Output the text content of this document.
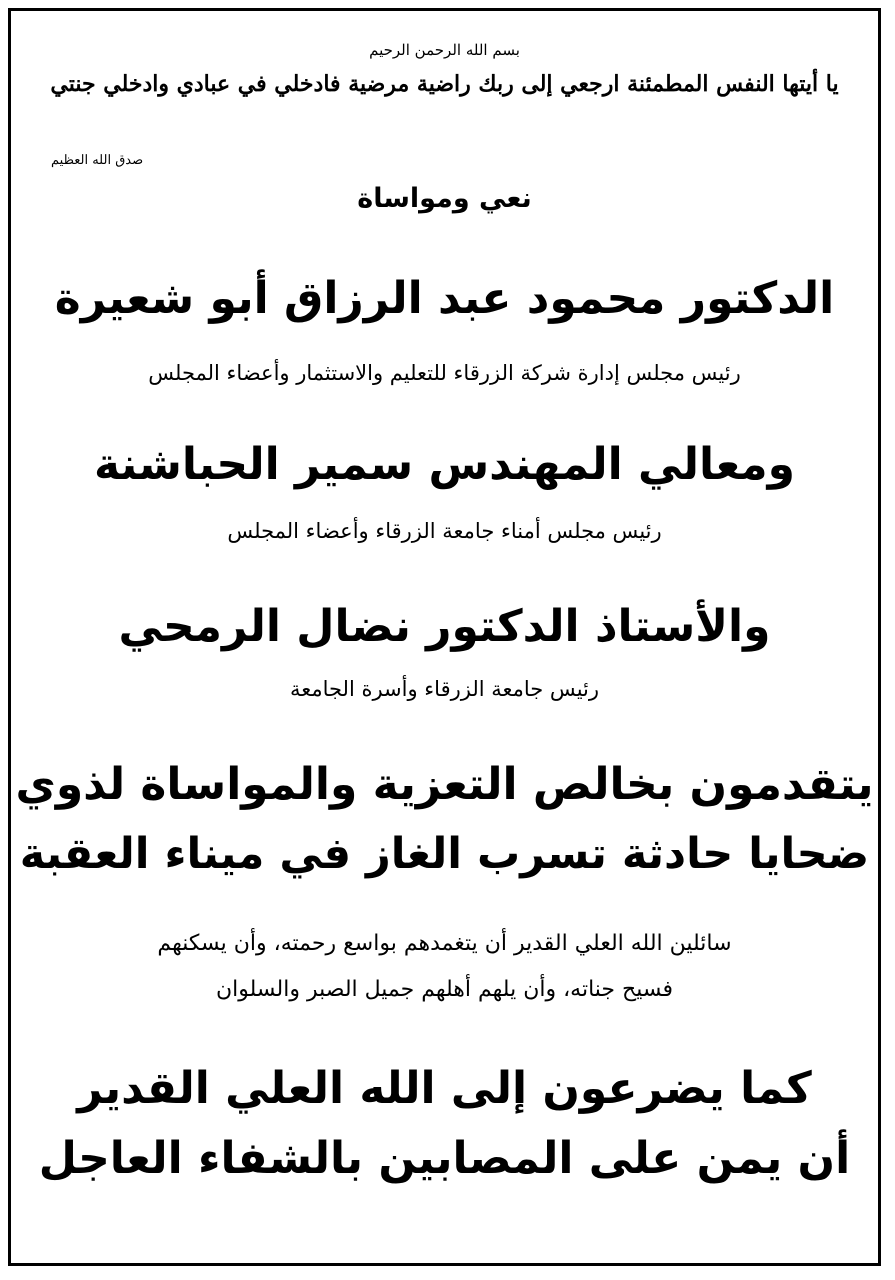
بسم الله الرحمن الرحيم
يا أيتها النفس المطمئنة ارجعي إلى ربك راضية مرضية فادخلي في عبادي وادخلي جنتي
صدق الله العظيم
نعي ومواساة
الدكتور محمود عبد الرزاق أبو شعيرة
رئيس مجلس إدارة شركة الزرقاء للتعليم والاستثمار وأعضاء المجلس
ومعالي المهندس سمير الحباشنة
رئيس مجلس أمناء جامعة الزرقاء وأعضاء المجلس
والأستاذ الدكتور نضال الرمحي
رئيس جامعة الزرقاء وأسرة الجامعة
يتقدمون بخالص التعزية والمواساة لذوي
ضحايا حادثة تسرب الغاز في ميناء العقبة
سائلين الله العلي القدير أن يتغمدهم بواسع رحمته، وأن يسكنهم
فسيح جناته، وأن يلهم أهلهم جميل الصبر والسلوان
كما يضرعون إلى الله العلي القدير
أن يمن على المصابين بالشفاء العاجل
